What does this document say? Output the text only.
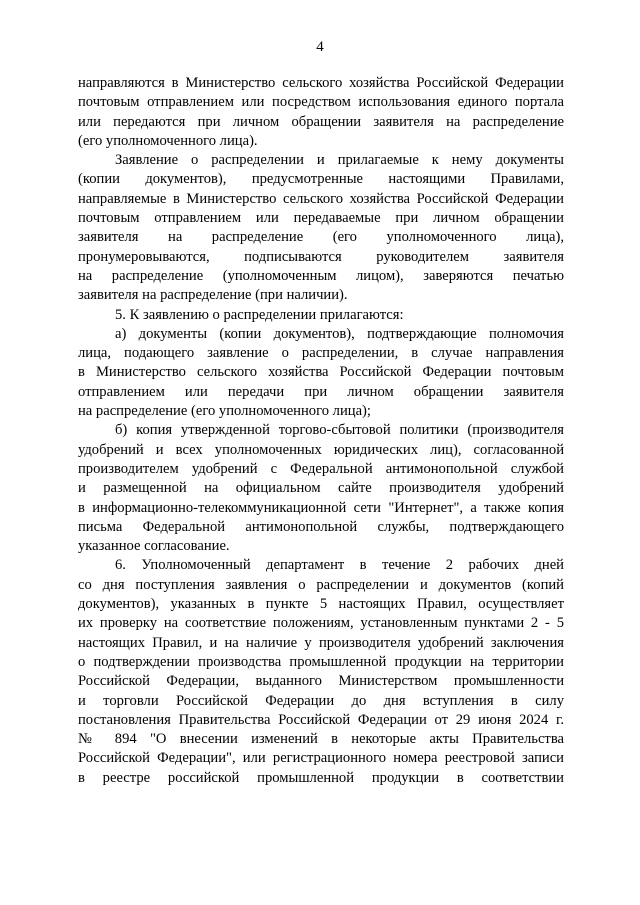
4
направляются в Министерство сельского хозяйства Российской Федерации
почтовым отправлением или посредством использования единого портала
или передаются при личном обращении заявителя на распределение
(его уполномоченного лица).
Заявление о распределении и прилагаемые к нему документы
(копии документов), предусмотренные настоящими Правилами,
направляемые в Министерство сельского хозяйства Российской Федерации
почтовым отправлением или передаваемые при личном обращении
заявителя на распределение (его уполномоченного лица),
пронумеровываются, подписываются руководителем заявителя
на распределение (уполномоченным лицом), заверяются печатью
заявителя на распределение (при наличии).
5. К заявлению о распределении прилагаются:
а) документы (копии документов), подтверждающие полномочия
лица, подающего заявление о распределении, в случае направления
в Министерство сельского хозяйства Российской Федерации почтовым
отправлением или передачи при личном обращении заявителя
на распределение (его уполномоченного лица);
б) копия утвержденной торгово-сбытовой политики (производителя
удобрений и всех уполномоченных юридических лиц), согласованной
производителем удобрений с Федеральной антимонопольной службой
и размещенной на официальном сайте производителя удобрений
в информационно-телекоммуникационной сети "Интернет", а также копия
письма Федеральной антимонопольной службы, подтверждающего
указанное согласование.
6. Уполномоченный департамент в течение 2 рабочих дней
со дня поступления заявления о распределении и документов (копий
документов), указанных в пункте 5 настоящих Правил, осуществляет
их проверку на соответствие положениям, установленным пунктами 2 - 5
настоящих Правил, и на наличие у производителя удобрений заключения
о подтверждении производства промышленной продукции на территории
Российской Федерации, выданного Министерством промышленности
и торговли Российской Федерации до дня вступления в силу
постановления Правительства Российской Федерации от 29 июня 2024 г.
№ 894 "О внесении изменений в некоторые акты Правительства
Российской Федерации", или регистрационного номера реестровой записи
в реестре российской промышленной продукции в соответствии
